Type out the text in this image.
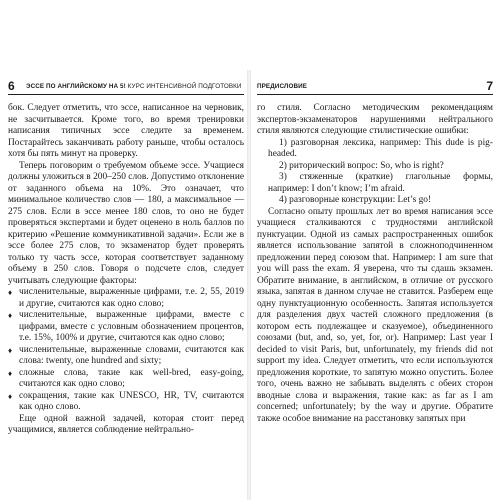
6 ЭССЕ ПО АНГЛИЙСКОМУ НА 5! КУРС ИНТЕНСИВНОЙ ПОДГОТОВКИ

бок. Следует отметить, что эссе, написанное на черновик, не засчитывается. Кроме того, во время тренировки написания типичных эссе следите за временем. Постарайтесь заканчивать работу раньше, чтобы осталось хотя бы пять минут на проверку.

Теперь поговорим о требуемом объеме эссе. Учащиеся должны уложиться в 200–250 слов. Допустимо отклонение от заданного объема на 10%. Это означает, что минимальное количество слов — 180, а максимальное — 275 слов. Если в эссе менее 180 слов, то оно не будет проверяться экспертами и будет оценено в ноль баллов по критерию «Решение коммуникативной задачи». Если же в эссе более 275 слов, то экзаменатор будет проверять только ту часть эссе, которая соответствует заданному объему в 250 слов. Говоря о подсчете слов, следует учитывать следующие факторы:

♦ численительные, выраженные цифрами, т.е. 2, 55, 2019 и другие, считаются как одно слово;
♦ численительные, выраженные цифрами, вместе с цифрами, вместе с условным обозначением процентов, т.е. 15%, 100% и другие, считаются как одно слово;
♦ численительные, выраженные словами, считаются как слова: twenty, one hundred and sixty;
♦ сложные слова, такие как well-bred, easy-going, считаются как одно слово;
♦ сокращения, такие как UNESCO, HR, TV, считаются как одно слово.

Еще одной важной задачей, которая стоит перед учащимися, является соблюдение нейтрально-

ПРЕДИСЛОВИЕ	7

го стиля. Согласно методическим рекомендациям экспертов-экзаменаторов нарушениями нейтрального стиля являются следующие стилистические ошибки:

1) разговорная лексика, например: This dude is pig-headed.

2) риторический вопрос: So, who is right?

3) стяженные (краткие) глагольные формы, например: I don’t know; I’m afraid.

4) разговорные конструкции: Let’s go!

Согласно опыту прошлых лет во время написания эссе учащиеся сталкиваются с трудностями английской пунктуации. Одной из самых распространенных ошибок является использование запятой в сложноподчиненном предложении перед союзом that. Например: I am sure that you will pass the exam. Я уверена, что ты сдашь экзамен. Обратите внимание, в английском, в отличие от русского языка, запятая в данном случае не ставится. Разберем еще одну пунктуационную особенность. Запятая используется для разделения двух частей сложного предложения (в котором есть подлежащее и сказуемое), объединенного союзами (but, and, so, yet, for, or). Например: Last year I decided to visit Paris, but, unfortunately, my friends did not support my idea. Следует отметить, что если используются предложения короткие, то запятую можно опустить. Более того, очень важно не забывать выделять с обеих сторон вводные слова и выражения, такие как: as far as I am concerned; unfortunately; by the way и другие. Обратите также особое внимание на расстановку запятых при
